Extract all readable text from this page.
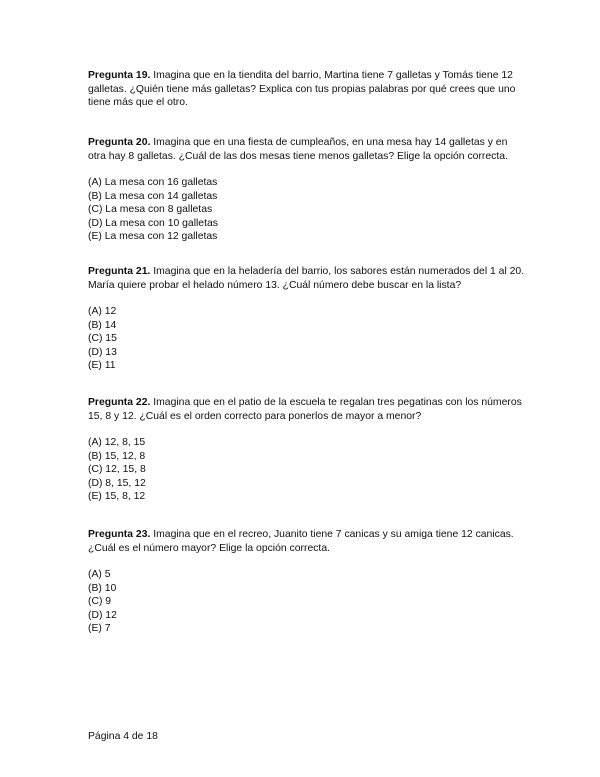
Pregunta 19. Imagina que en la tiendita del barrio, Martina tiene 7 galletas y Tomás tiene 12 galletas. ¿Quién tiene más galletas? Explica con tus propias palabras por qué crees que uno tiene más que el otro.

Pregunta 20. Imagina que en una fiesta de cumpleaños, en una mesa hay 14 galletas y en otra hay 8 galletas. ¿Cuál de las dos mesas tiene menos galletas? Elige la opción correcta.

(A) La mesa con 16 galletas
(B) La mesa con 14 galletas
(C) La mesa con 8 galletas
(D) La mesa con 10 galletas
(E) La mesa con 12 galletas

Pregunta 21. Imagina que en la heladería del barrio, los sabores están numerados del 1 al 20. María quiere probar el helado número 13. ¿Cuál número debe buscar en la lista?

(A) 12
(B) 14
(C) 15
(D) 13
(E) 11

Pregunta 22. Imagina que en el patio de la escuela te regalan tres pegatinas con los números 15, 8 y 12. ¿Cuál es el orden correcto para ponerlos de mayor a menor?

(A) 12, 8, 15
(B) 15, 12, 8
(C) 12, 15, 8
(D) 8, 15, 12
(E) 15, 8, 12

Pregunta 23. Imagina que en el recreo, Juanito tiene 7 canicas y su amiga tiene 12 canicas. ¿Cuál es el número mayor? Elige la opción correcta.

(A) 5
(B) 10
(C) 9
(D) 12
(E) 7
Página 4 de 18
